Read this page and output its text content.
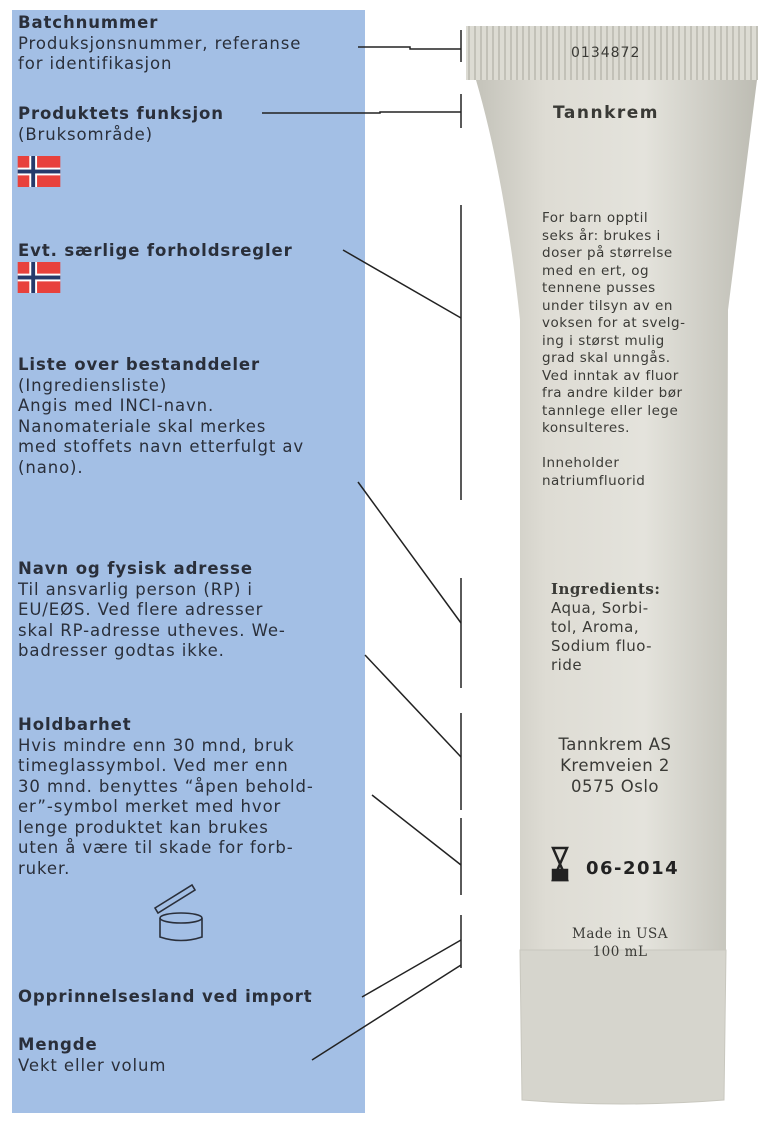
Batchnummer
Produksjonsnummer, referanse
for identifikasjon
Produktets funksjon
(Bruksområde)
Evt. særlige forholdsregler
Liste over bestanddeler
(Ingrediensliste)
Angis med INCI-navn.
Nanomateriale skal merkes
med stoffets navn etterfulgt av
(nano).
Navn og fysisk adresse
Til ansvarlig person (RP) i
EU/EØS. Ved flere adresser
skal RP-adresse utheves. We-
badresser godtas ikke.
Holdbarhet
Hvis mindre enn 30 mnd, bruk
timeglassymbol. Ved mer enn
30 mnd. benyttes “åpen behold-
er”-symbol merket med hvor
lenge produktet kan brukes
uten å være til skade for forb-
ruker.
Opprinnelsesland ved import
Mengde
Vekt eller volum
0134872
Tannkrem
For barn opptil
seks år: brukes i
doser på størrelse
med en ert, og
tennene pusses
under tilsyn av en
voksen for at svelg-
ing i størst mulig
grad skal unngås.
Ved inntak av fluor
fra andre kilder bør
tannlege eller lege
konsulteres.
Inneholder
natriumfluorid
Ingredients:
Aqua, Sorbi-
tol, Aroma,
Sodium fluo-
ride
Tannkrem AS
Kremveien 2
0575 Oslo
06-2014
Made in USA
100 mL
